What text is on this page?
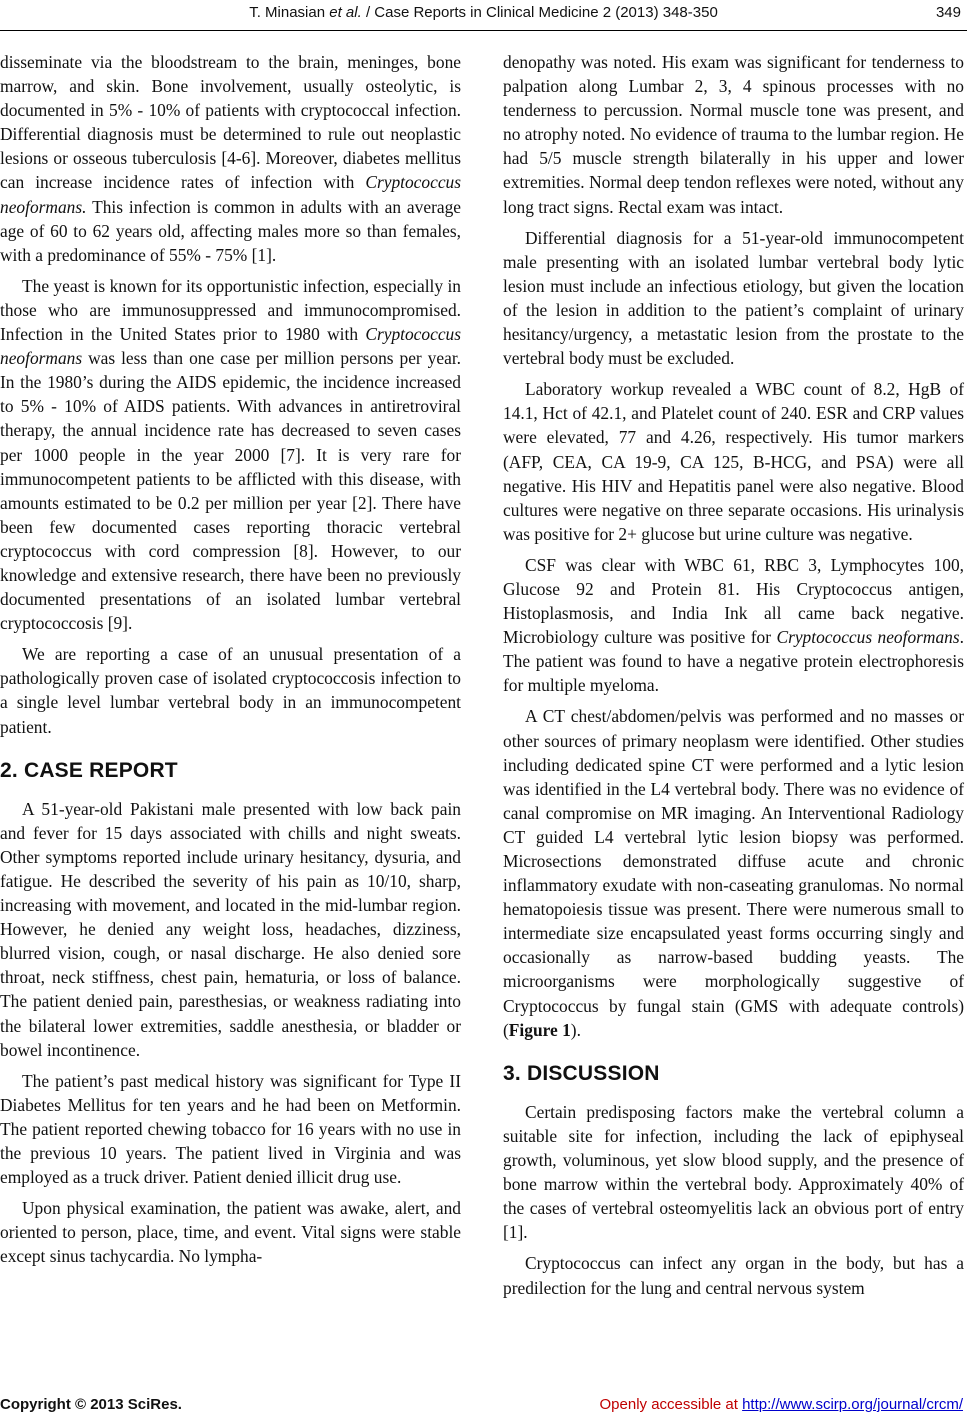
T. Minasian et al. / Case Reports in Clinical Medicine 2 (2013) 348-350	349

disseminate via the bloodstream to the brain, meninges, bone marrow, and skin. Bone involvement, usually osteolytic, is documented in 5% - 10% of patients with cryptococcal infection. Differential diagnosis must be determined to rule out neoplastic lesions or osseous tuberculosis [4-6]. Moreover, diabetes mellitus can increase incidence rates of infection with Cryptococcus neoformans. This infection is common in adults with an average age of 60 to 62 years old, affecting males more so than females, with a predominance of 55% - 75% [1].

The yeast is known for its opportunistic infection, especially in those who are immunosuppressed and immunocompromised. Infection in the United States prior to 1980 with Cryptococcus neoformans was less than one case per million persons per year. In the 1980’s during the AIDS epidemic, the incidence increased to 5% - 10% of AIDS patients. With advances in antiretroviral therapy, the annual incidence rate has decreased to seven cases per 1000 people in the year 2000 [7]. It is very rare for immunocompetent patients to be afflicted with this disease, with amounts estimated to be 0.2 per million per year [2]. There have been few documented cases reporting thoracic vertebral cryptococcus with cord compression [8]. However, to our knowledge and extensive research, there have been no previously documented presentations of an isolated lumbar vertebral cryptococcosis [9].

We are reporting a case of an unusual presentation of a pathologically proven case of isolated cryptococcosis infection to a single level lumbar vertebral body in an immunocompetent patient.

2. CASE REPORT

A 51-year-old Pakistani male presented with low back pain and fever for 15 days associated with chills and night sweats. Other symptoms reported include urinary hesitancy, dysuria, and fatigue. He described the severity of his pain as 10/10, sharp, increasing with movement, and located in the mid-lumbar region. However, he denied any weight loss, headaches, dizziness, blurred vision, cough, or nasal discharge. He also denied sore throat, neck stiffness, chest pain, hematuria, or loss of balance. The patient denied pain, paresthesias, or weakness radiating into the bilateral lower extremities, saddle anesthesia, or bladder or bowel incontinence.

The patient’s past medical history was significant for Type II Diabetes Mellitus for ten years and he had been on Metformin. The patient reported chewing tobacco for 16 years with no use in the previous 10 years. The patient lived in Virginia and was employed as a truck driver. Patient denied illicit drug use.

Upon physical examination, the patient was awake, alert, and oriented to person, place, time, and event. Vital signs were stable except sinus tachycardia. No lympha-

denopathy was noted. His exam was significant for tenderness to palpation along Lumbar 2, 3, 4 spinous processes with no tenderness to percussion. Normal muscle tone was present, and no atrophy noted. No evidence of trauma to the lumbar region. He had 5/5 muscle strength bilaterally in his upper and lower extremities. Normal deep tendon reflexes were noted, without any long tract signs. Rectal exam was intact.

Differential diagnosis for a 51-year-old immunocompetent male presenting with an isolated lumbar vertebral body lytic lesion must include an infectious etiology, but given the location of the lesion in addition to the patient’s complaint of urinary hesitancy/urgency, a metastatic lesion from the prostate to the vertebral body must be excluded.

Laboratory workup revealed a WBC count of 8.2, HgB of 14.1, Hct of 42.1, and Platelet count of 240. ESR and CRP values were elevated, 77 and 4.26, respectively. His tumor markers (AFP, CEA, CA 19-9, CA 125, B-HCG, and PSA) were all negative. His HIV and Hepatitis panel were also negative. Blood cultures were negative on three separate occasions. His urinalysis was positive for 2+ glucose but urine culture was negative.

CSF was clear with WBC 61, RBC 3, Lymphocytes 100, Glucose 92 and Protein 81. His Cryptococcus antigen, Histoplasmosis, and India Ink all came back negative. Microbiology culture was positive for Cryptococcus neoformans. The patient was found to have a negative protein electrophoresis for multiple myeloma.

A CT chest/abdomen/pelvis was performed and no masses or other sources of primary neoplasm were identified. Other studies including dedicated spine CT were performed and a lytic lesion was identified in the L4 vertebral body. There was no evidence of canal compromise on MR imaging. An Interventional Radiology CT guided L4 vertebral lytic lesion biopsy was performed. Microsections demonstrated diffuse acute and chronic inflammatory exudate with non-caseating granulomas. No normal hematopoiesis tissue was present. There were numerous small to intermediate size encapsulated yeast forms occurring singly and occasionally as narrow-based budding yeasts. The microorganisms were morphologically suggestive of Cryptococcus by fungal stain (GMS with adequate controls) (Figure 1).

3. DISCUSSION

Certain predisposing factors make the vertebral column a suitable site for infection, including the lack of epiphyseal growth, voluminous, yet slow blood supply, and the presence of bone marrow within the vertebral body. Approximately 40% of the cases of vertebral osteomyelitis lack an obvious port of entry [1].

Cryptococcus can infect any organ in the body, but has a predilection for the lung and central nervous system

Copyright © 2013 SciRes.	Openly accessible at http://www.scirp.org/journal/crcm/
